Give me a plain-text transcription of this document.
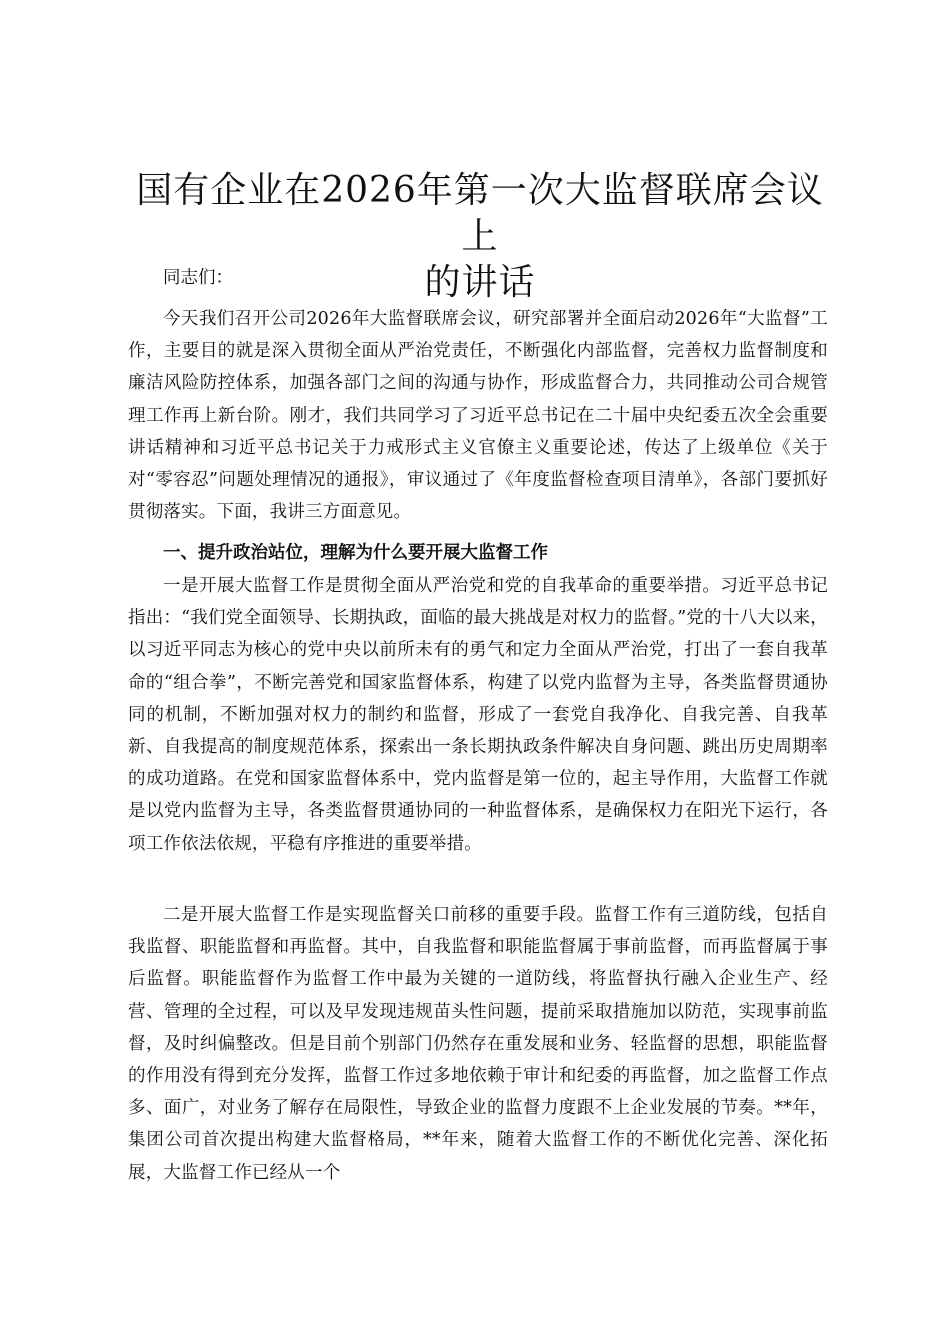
国有企业在2026年第一次大监督联席会议上
的讲话

同志们：

今天我们召开公司2026年大监督联席会议，研究部署并全面启动2026年“大监督”工作，主要目的就是深入贯彻全面从严治党责任，不断强化内部监督，完善权力监督制度和廉洁风险防控体系，加强各部门之间的沟通与协作，形成监督合力，共同推动公司合规管理工作再上新台阶。刚才，我们共同学习了习近平总书记在二十届中央纪委五次全会重要讲话精神和习近平总书记关于力戒形式主义官僚主义重要论述，传达了上级单位《关于对“零容忍”问题处理情况的通报》，审议通过了《年度监督检查项目清单》，各部门要抓好贯彻落实。下面，我讲三方面意见。

一、提升政治站位，理解为什么要开展大监督工作

一是开展大监督工作是贯彻全面从严治党和党的自我革命的重要举措。习近平总书记指出：“我们党全面领导、长期执政，面临的最大挑战是对权力的监督。”党的十八大以来，以习近平同志为核心的党中央以前所未有的勇气和定力全面从严治党，打出了一套自我革命的“组合拳”，不断完善党和国家监督体系，构建了以党内监督为主导，各类监督贯通协同的机制，不断加强对权力的制约和监督，形成了一套党自我净化、自我完善、自我革新、自我提高的制度规范体系，探索出一条长期执政条件解决自身问题、跳出历史周期率的成功道路。在党和国家监督体系中，党内监督是第一位的，起主导作用，大监督工作就是以党内监督为主导，各类监督贯通协同的一种监督体系，是确保权力在阳光下运行，各项工作依法依规，平稳有序推进的重要举措。

二是开展大监督工作是实现监督关口前移的重要手段。监督工作有三道防线，包括自我监督、职能监督和再监督。其中，自我监督和职能监督属于事前监督，而再监督属于事后监督。职能监督作为监督工作中最为关键的一道防线，将监督执行融入企业生产、经营、管理的全过程，可以及早发现违规苗头性问题，提前采取措施加以防范，实现事前监督，及时纠偏整改。但是目前个别部门仍然存在重发展和业务、轻监督的思想，职能监督的作用没有得到充分发挥，监督工作过多地依赖于审计和纪委的再监督，加之监督工作点多、面广，对业务了解存在局限性，导致企业的监督力度跟不上企业发展的节奏。**年，集团公司首次提出构建大监督格局，**年来，随着大监督工作的不断优化完善、深化拓展，大监督工作已经从一个
